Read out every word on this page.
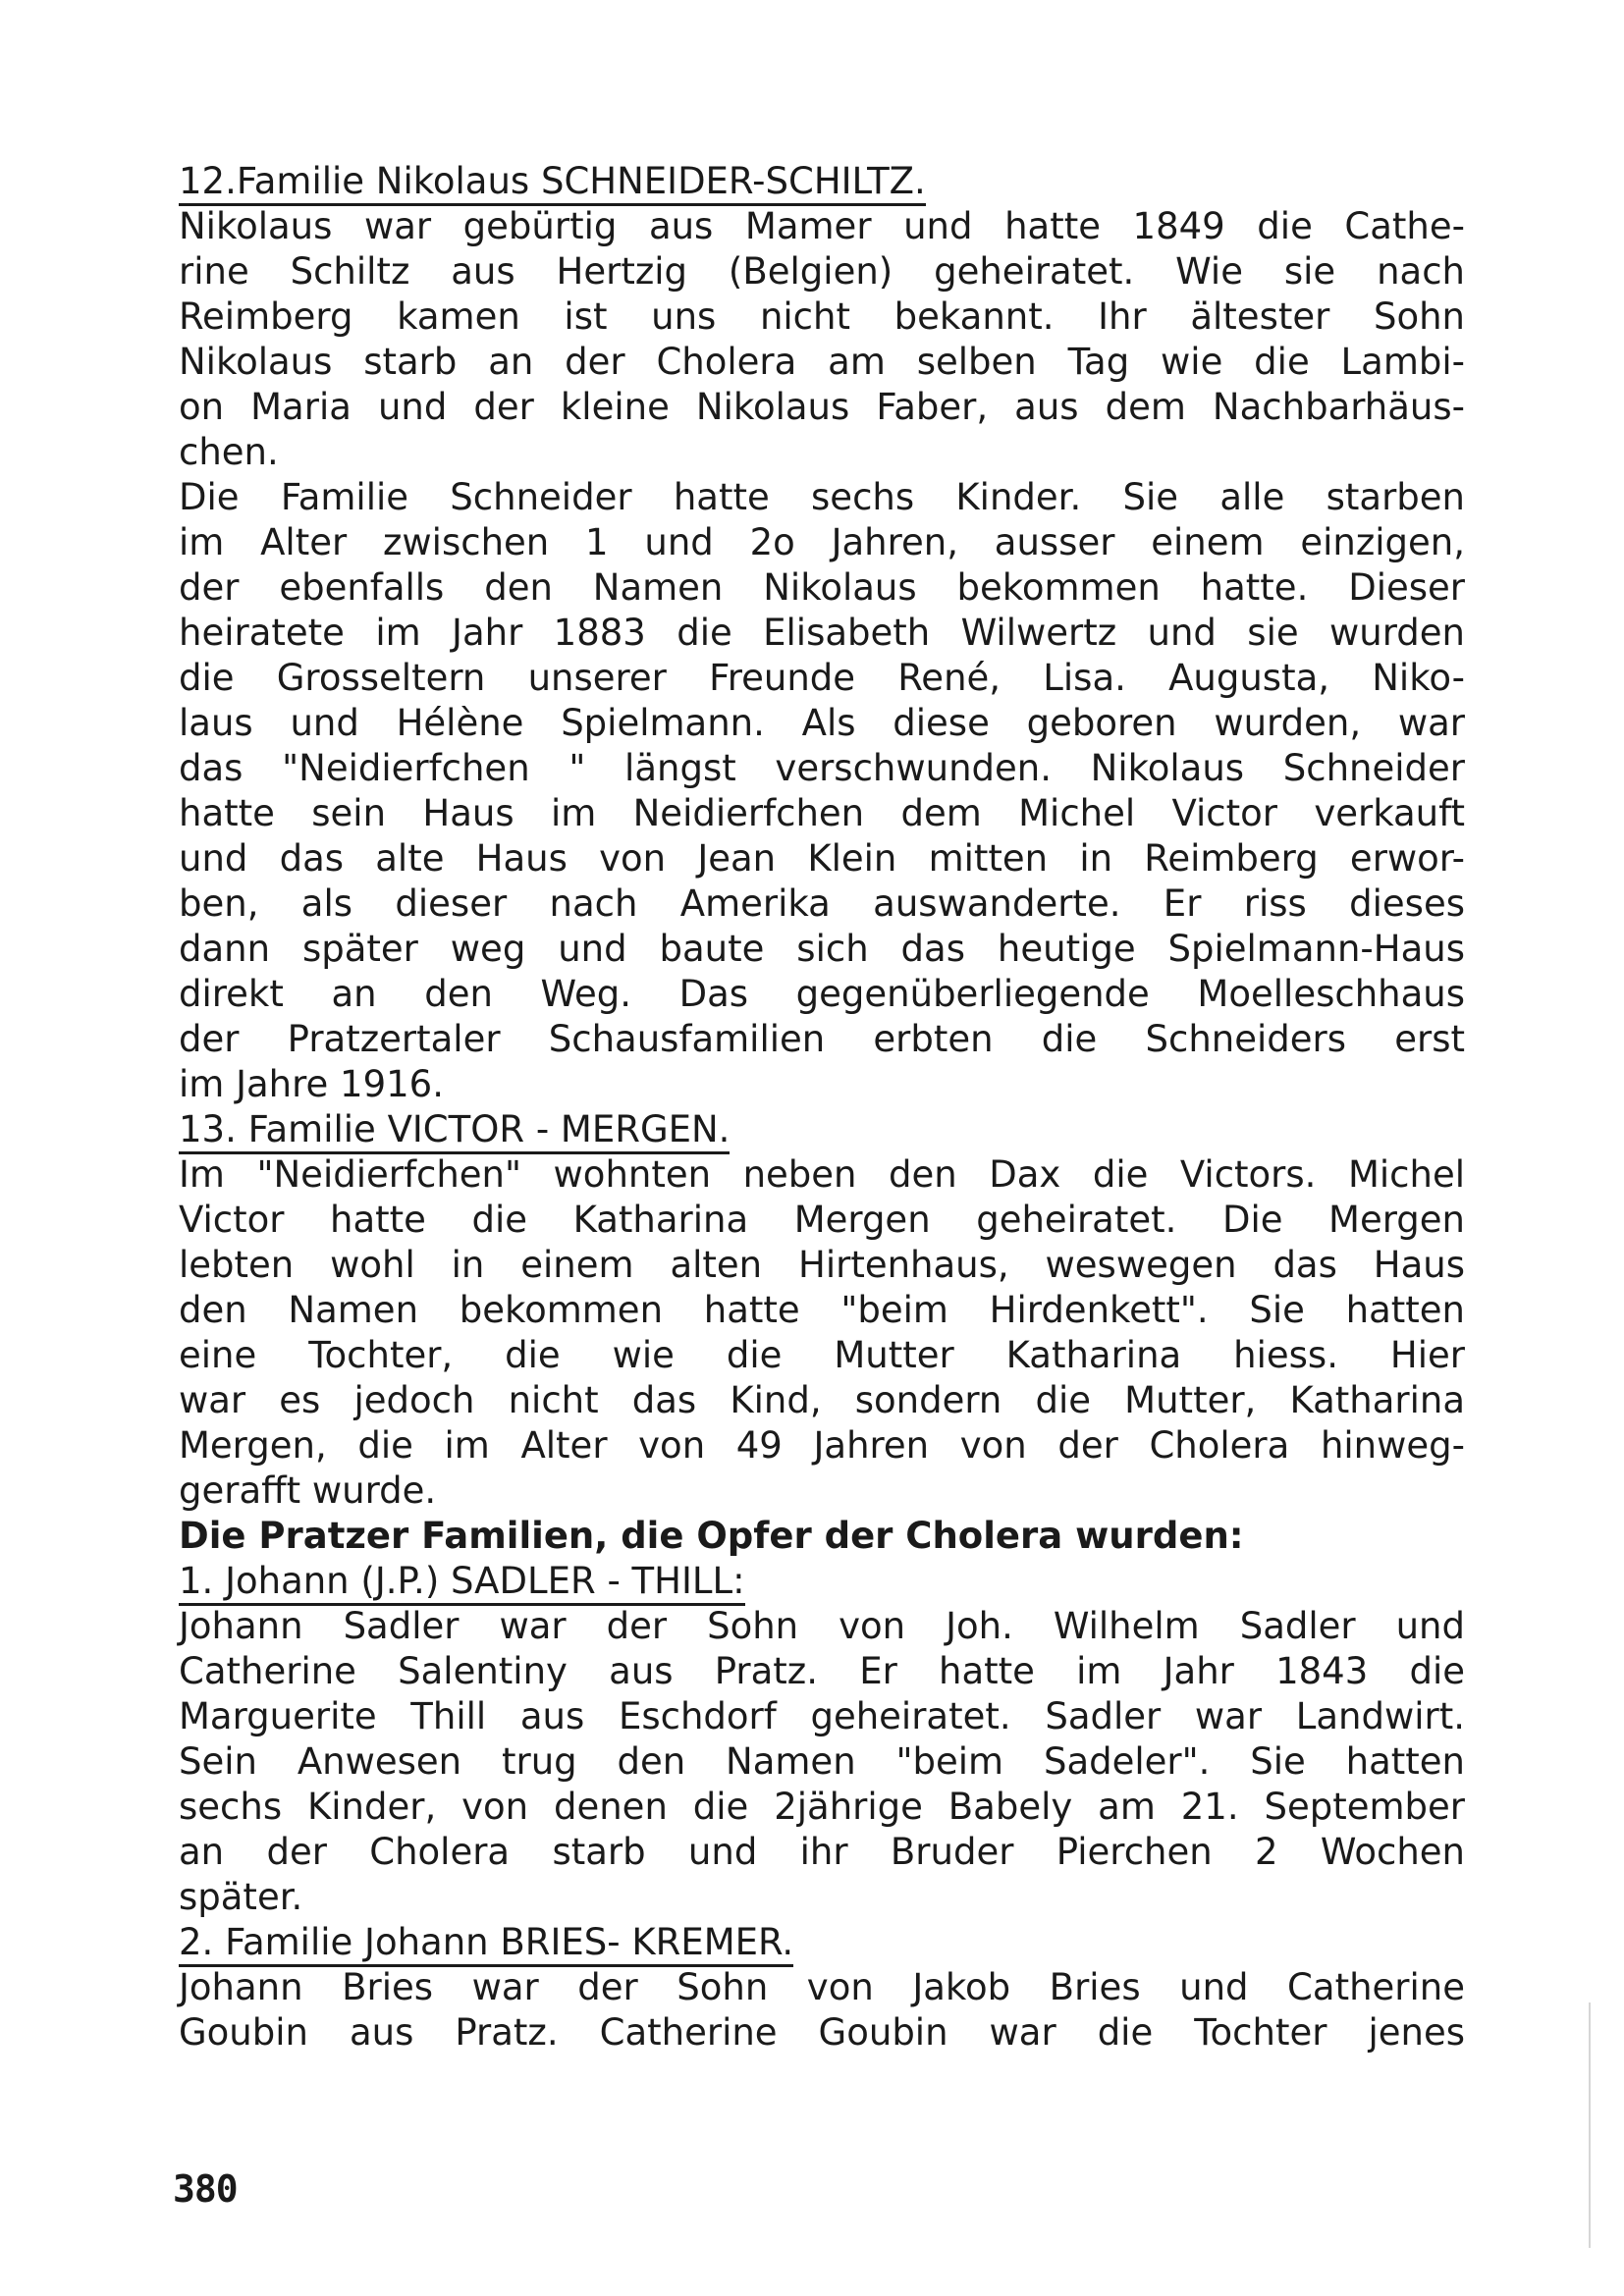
12.Familie Nikolaus SCHNEIDER-SCHILTZ.
Nikolaus war gebürtig aus Mamer und hatte 1849 die Cathe-
rine Schiltz aus Hertzig (Belgien) geheiratet. Wie sie nach
Reimberg kamen ist uns nicht bekannt. Ihr ältester Sohn
Nikolaus starb an der Cholera am selben Tag wie die Lambi-
on Maria und der kleine Nikolaus Faber, aus dem Nachbarhäus-
chen.
Die Familie Schneider hatte sechs Kinder. Sie alle starben
im Alter zwischen 1 und 2o Jahren, ausser einem einzigen,
der ebenfalls den Namen Nikolaus bekommen hatte. Dieser
heiratete im Jahr 1883 die Elisabeth Wilwertz und sie wurden
die Grosseltern unserer Freunde René, Lisa. Augusta, Niko-
laus und Hélène Spielmann. Als diese geboren wurden, war
das "Neidierfchen " längst verschwunden. Nikolaus Schneider
hatte sein Haus im Neidierfchen dem Michel Victor verkauft
und das alte Haus von Jean Klein mitten in Reimberg erwor-
ben, als dieser nach Amerika auswanderte. Er riss dieses
dann später weg und baute sich das heutige Spielmann-Haus
direkt an den Weg. Das gegenüberliegende Moelleschhaus
der Pratzertaler Schausfamilien erbten die Schneiders erst
im Jahre 1916.
13. Familie VICTOR - MERGEN.
Im "Neidierfchen" wohnten neben den Dax die Victors. Michel
Victor hatte die Katharina Mergen geheiratet. Die Mergen
lebten wohl in einem alten Hirtenhaus, weswegen das Haus
den Namen bekommen hatte "beim Hirdenkett". Sie hatten
eine Tochter, die wie die Mutter Katharina hiess. Hier
war es jedoch nicht das Kind, sondern die Mutter, Katharina
Mergen, die im Alter von 49 Jahren von der Cholera hinweg-
gerafft wurde.
Die Pratzer Familien, die Opfer der Cholera wurden:
1. Johann (J.P.) SADLER - THILL:
Johann Sadler war der Sohn von Joh. Wilhelm Sadler und
Catherine Salentiny aus Pratz. Er hatte im Jahr 1843 die
Marguerite Thill aus Eschdorf geheiratet. Sadler war Landwirt.
Sein Anwesen trug den Namen "beim Sadeler". Sie hatten
sechs Kinder, von denen die 2jährige Babely am 21. September
an der Cholera starb und ihr Bruder Pierchen 2 Wochen
später.
2. Familie Johann BRIES- KREMER.
Johann Bries war der Sohn von Jakob Bries und Catherine
Goubin aus Pratz. Catherine Goubin war die Tochter jenes
380
